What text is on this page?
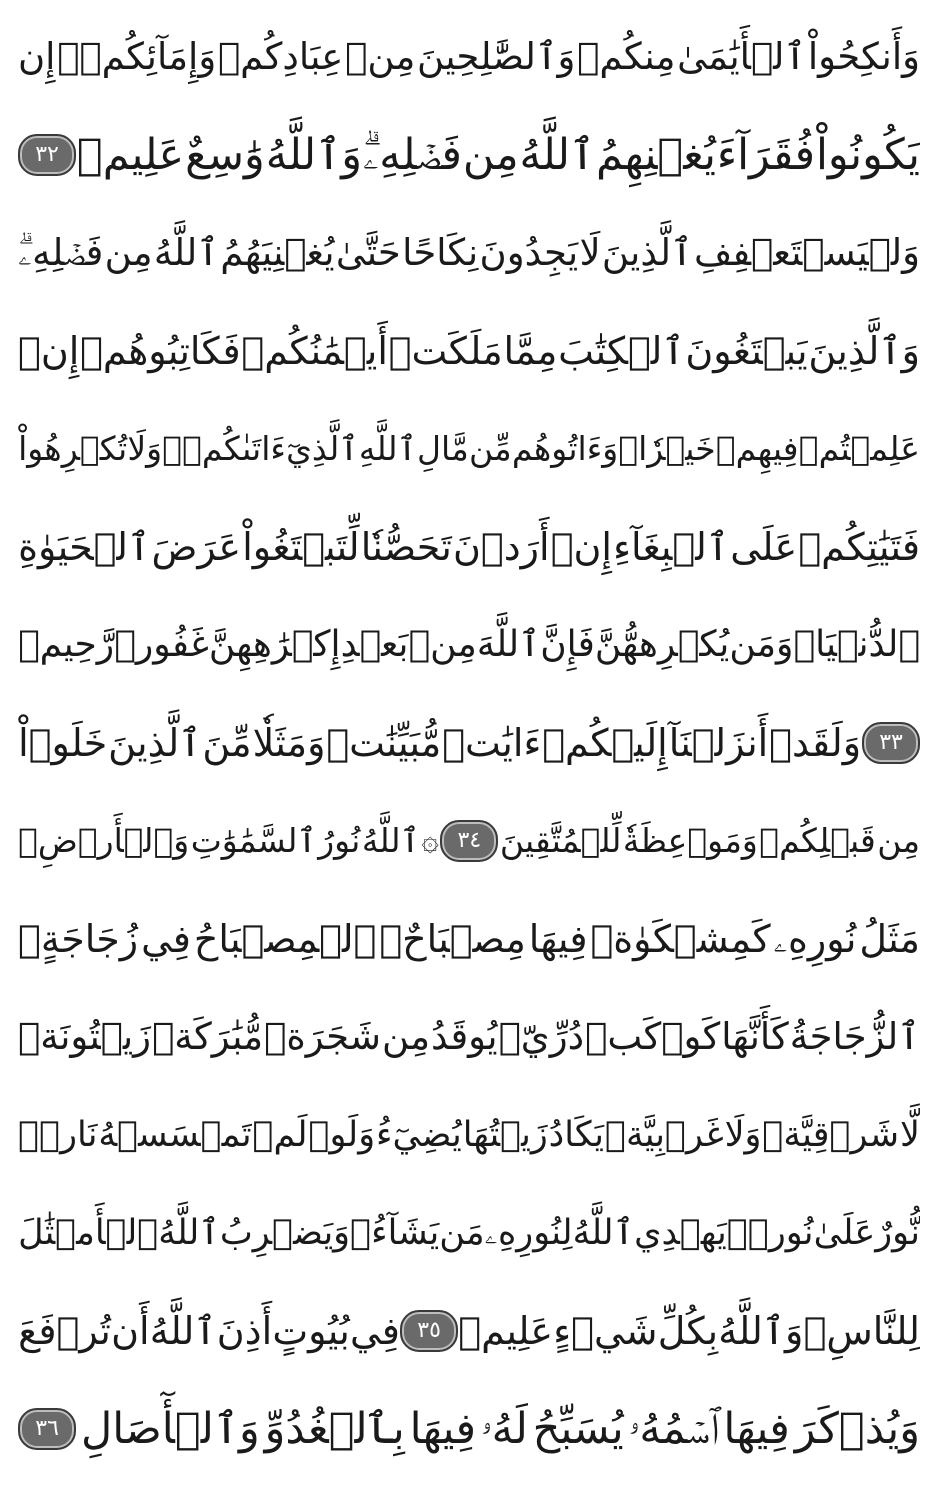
وَأَنكِحُواْ
ٱلۡأَيَٰمَىٰ
مِنكُمۡ
وَٱلصَّٰلِحِينَ
مِنۡ
عِبَادِكُمۡ
وَإِمَآئِكُمۡۚ
إِن
يَكُونُواْ
فُقَرَآءَ
يُغۡنِهِمُ
ٱللَّهُ
مِن
فَضۡلِهِۦۗ
وَٱللَّهُ
وَٰسِعٌ
عَلِيمٞ
٣٢
وَلۡيَسۡتَعۡفِفِ
ٱلَّذِينَ
لَا
يَجِدُونَ
نِكَاحًا
حَتَّىٰ
يُغۡنِيَهُمُ
ٱللَّهُ
مِن
فَضۡلِهِۦۗ
وَٱلَّذِينَ
يَبۡتَغُونَ
ٱلۡكِتَٰبَ
مِمَّا
مَلَكَتۡ
أَيۡمَٰنُكُمۡ
فَكَاتِبُوهُمۡ
إِنۡ
عَلِمۡتُمۡ
فِيهِمۡ
خَيۡرٗاۖ
وَءَاتُوهُم
مِّن
مَّالِ
ٱللَّهِ
ٱلَّذِيٓ
ءَاتَىٰكُمۡۚ
وَلَا
تُكۡرِهُواْ
فَتَيَٰتِكُمۡ
عَلَى
ٱلۡبِغَآءِ
إِنۡ
أَرَدۡنَ
تَحَصُّنٗا
لِّتَبۡتَغُواْ
عَرَضَ
ٱلۡحَيَوٰةِ
ٱلدُّنۡيَاۚ
وَمَن
يُكۡرِههُّنَّ
فَإِنَّ
ٱللَّهَ
مِنۢ
بَعۡدِ
إِكۡرَٰهِهِنَّ
غَفُورٞ
رَّحِيمٞ
٣٣
وَلَقَدۡ
أَنزَلۡنَآ
إِلَيۡكُمۡ
ءَايَٰتٖ
مُّبَيِّنَٰتٖ
وَمَثَلٗا
مِّنَ
ٱلَّذِينَ
خَلَوۡاْ
مِن
قَبۡلِكُمۡ
وَمَوۡعِظَةٗ
لِّلۡمُتَّقِينَ
٣٤
۞
ٱللَّهُ
نُورُ
ٱلسَّمَٰوَٰتِ
وَٱلۡأَرۡضِۚ
مَثَلُ
نُورِهِۦ
كَمِشۡكَوٰةٖ
فِيهَا
مِصۡبَاحٌۖ
ٱلۡمِصۡبَاحُ
فِي
زُجَاجَةٍۖ
ٱلزُّجَاجَةُ
كَأَنَّهَا
كَوۡكَبٞ
دُرِّيّٞ
يُوقَدُ
مِن
شَجَرَةٖ
مُّبَٰرَكَةٖ
زَيۡتُونَةٖ
لَّا
شَرۡقِيَّةٖ
وَلَا
غَرۡبِيَّةٖ
يَكَادُ
زَيۡتُهَا
يُضِيٓءُ
وَلَوۡ
لَمۡ
تَمۡسَسۡهُ
نَارٞۚ
نُّورٌ
عَلَىٰ
نُورٖۚ
يَهۡدِي
ٱللَّهُ
لِنُورِهِۦ
مَن
يَشَآءُۚ
وَيَضۡرِبُ
ٱللَّهُ
ٱلۡأَمۡثَٰلَ
لِلنَّاسِۗ
وَٱللَّهُ
بِكُلِّ
شَيۡءٍ
عَلِيمٞ
٣٥
فِي
بُيُوتٍ
أَذِنَ
ٱللَّهُ
أَن
تُرۡفَعَ
وَيُذۡكَرَ
فِيهَا
ٱسۡمُهُۥ
يُسَبِّحُ
لَهُۥ
فِيهَا
بِٱلۡغُدُوِّ
وَٱلۡأٓصَالِ
٣٦
